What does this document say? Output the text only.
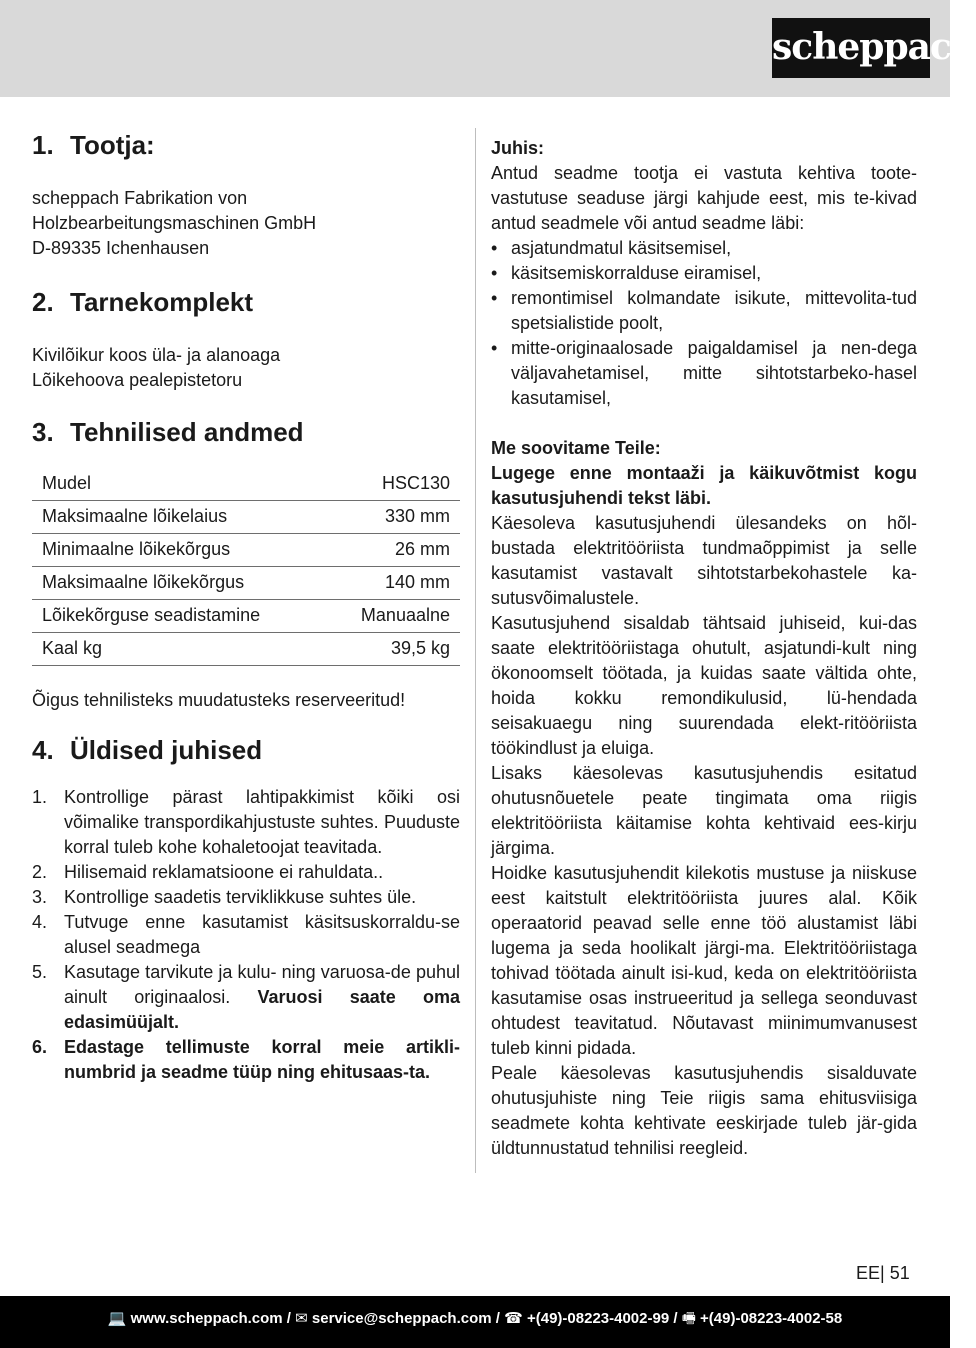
scheppach
1. Tootja:
scheppach Fabrikation von
Holzbearbeitungsmaschinen GmbH
D-89335 Ichenhausen
2. Tarnekomplekt
Kivilõikur koos üla- ja alanoaga
Lõikehoova pealepistetoru
3. Tehnilised andmed
Mudel	HSC130
Maksimaalne lõikelaius	330 mm
Minimaalne lõikekõrgus	26 mm
Maksimaalne lõikekõrgus	140 mm
Lõikekõrguse seadistamine	Manuaalne
Kaal kg	39,5 kg
Õigus tehnilisteks muudatusteks reserveeritud!
4. Üldised juhised
1. Kontrollige pärast lahtipakkimist kõiki osi võimalike transpordikahjustuste suhtes. Puuduste korral tuleb kohe kohaletoojat teavitada.
2. Hilisemaid reklamatsioone ei rahuldata..
3. Kontrollige saadetis terviklikkuse suhtes üle.
4. Tutvuge enne kasutamist käsitsuskorraldu-se alusel seadmega
5. Kasutage tarvikute ja kulu- ning varuosa-de puhul ainult originaalosi. Varuosi saate oma edasimüüjalt.
6. Edastage tellimuste korral meie artikli-numbrid ja seadme tüüp ning ehitusaas-ta.
Juhis:
Antud seadme tootja ei vastuta kehtiva toote-vastutuse seaduse järgi kahjude eest, mis te-kivad antud seadmele või antud seadme läbi:
• asjatundmatul käsitsemisel,
• käsitsemiskorralduse eiramisel,
• remontimisel kolmandate isikute, mittevolita-tud spetsialistide poolt,
• mitte-originaalosade paigaldamisel ja nen-dega väljavahetamisel, mitte sihtotstarbeko-hasel kasutamisel,
Me soovitame Teile:
Lugege enne montaaži ja käikuvõtmist kogu kasutusjuhendi tekst läbi.
Käesoleva kasutusjuhendi ülesandeks on hõl-bustada elektritööriista tundmaõppimist ja selle kasutamist vastavalt sihtotstarbekohastele ka-sutusvõimalustele.
Kasutusjuhend sisaldab tähtsaid juhiseid, kui-das saate elektritööriistaga ohutult, asjatundi-kult ning ökonoomselt töötada, ja kuidas saate vältida ohte, hoida kokku remondikulusid, lü-hendada seisakuaegu ning suurendada elekt-ritööriista töökindlust ja eluiga.
Lisaks käesolevas kasutusjuhendis esitatud ohutusnõuetele peate tingimata oma riigis elektritööriista käitamise kohta kehtivaid ees-kirju järgima.
Hoidke kasutusjuhendit kilekotis mustuse ja niiskuse eest kaitstult elektritööriista juures alal. Kõik operaatorid peavad selle enne töö alustamist läbi lugema ja seda hoolikalt järgi-ma. Elektritööriistaga tohivad töötada ainult isi-kud, keda on elektritööriista kasutamise osas instrueeritud ja sellega seonduvast ohtudest teavitatud. Nõutavast miinimumvanusest tuleb kinni pidada.
Peale käesolevas kasutusjuhendis sisalduvate ohutusjuhiste ning Teie riigis sama ehitusviisiga seadmete kohta kehtivate eeskirjade tuleb jär-gida üldtunnustatud tehnilisi reegleid.
EE| 51
💻 www.scheppach.com / ✉ service@scheppach.com / ☎ +(49)-08223-4002-99 / 🖷 +(49)-08223-4002-58
